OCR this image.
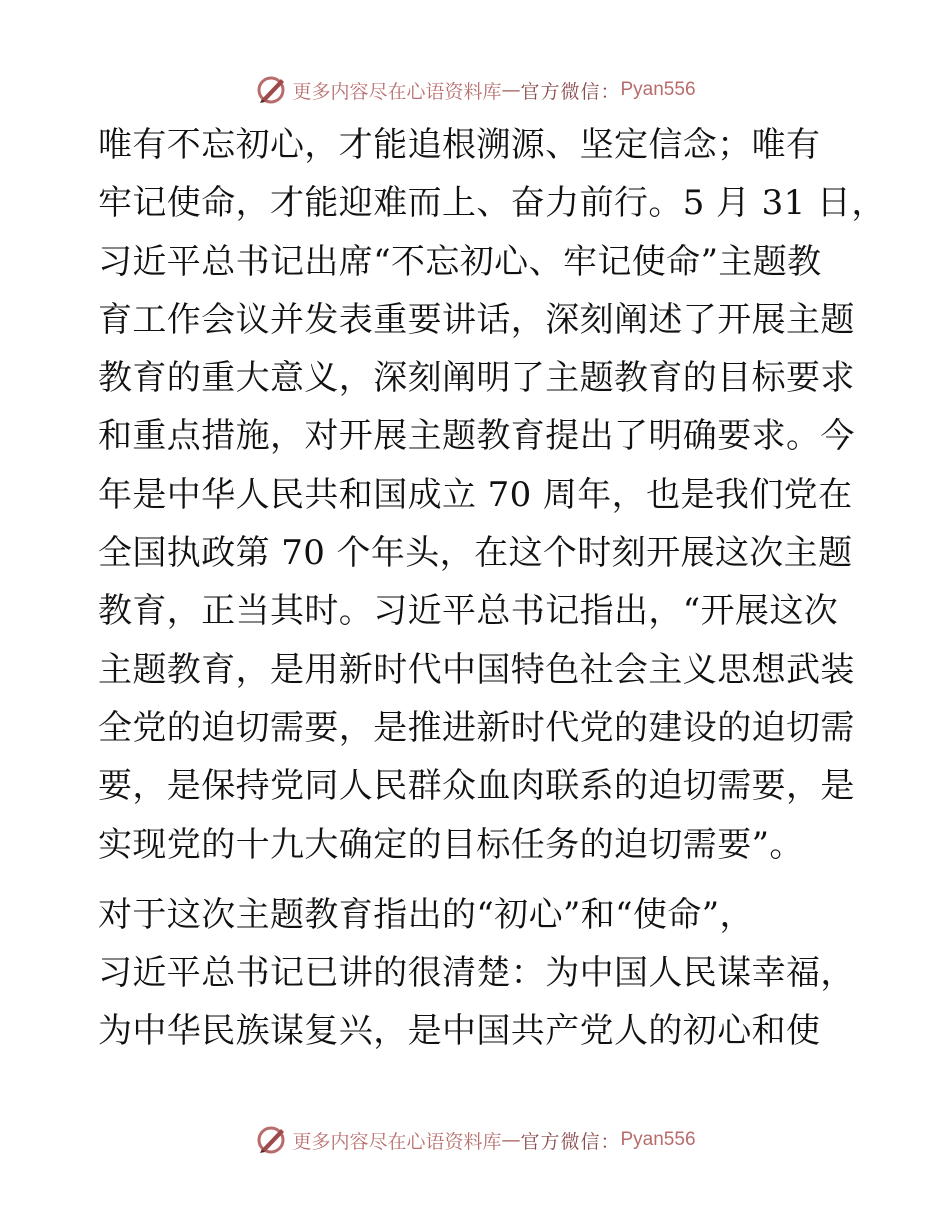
更多内容尽在心语资料库 — 官方微信： Pyan556

唯有不忘初心，才能追根溯源、坚定信念；唯有
牢记使命，才能迎难而上、奋力前行。5 月 31 日，
习近平总书记出席“不忘初心、牢记使命”主题教
育工作会议并发表重要讲话，深刻阐述了开展主题
教育的重大意义，深刻阐明了主题教育的目标要求
和重点措施，对开展主题教育提出了明确要求。今
年是中华人民共和国成立 70 周年，也是我们党在
全国执政第 70 个年头，在这个时刻开展这次主题
教育，正当其时。习近平总书记指出，“开展这次
主题教育，是用新时代中国特色社会主义思想武装
全党的迫切需要，是推进新时代党的建设的迫切需
要，是保持党同人民群众血肉联系的迫切需要，是
实现党的十九大确定的目标任务的迫切需要”。

对于这次主题教育指出的“初心”和“使命”，
习近平总书记已讲的很清楚：为中国人民谋幸福，
为中华民族谋复兴，是中国共产党人的初心和使

更多内容尽在心语资料库 — 官方微信： Pyan556
